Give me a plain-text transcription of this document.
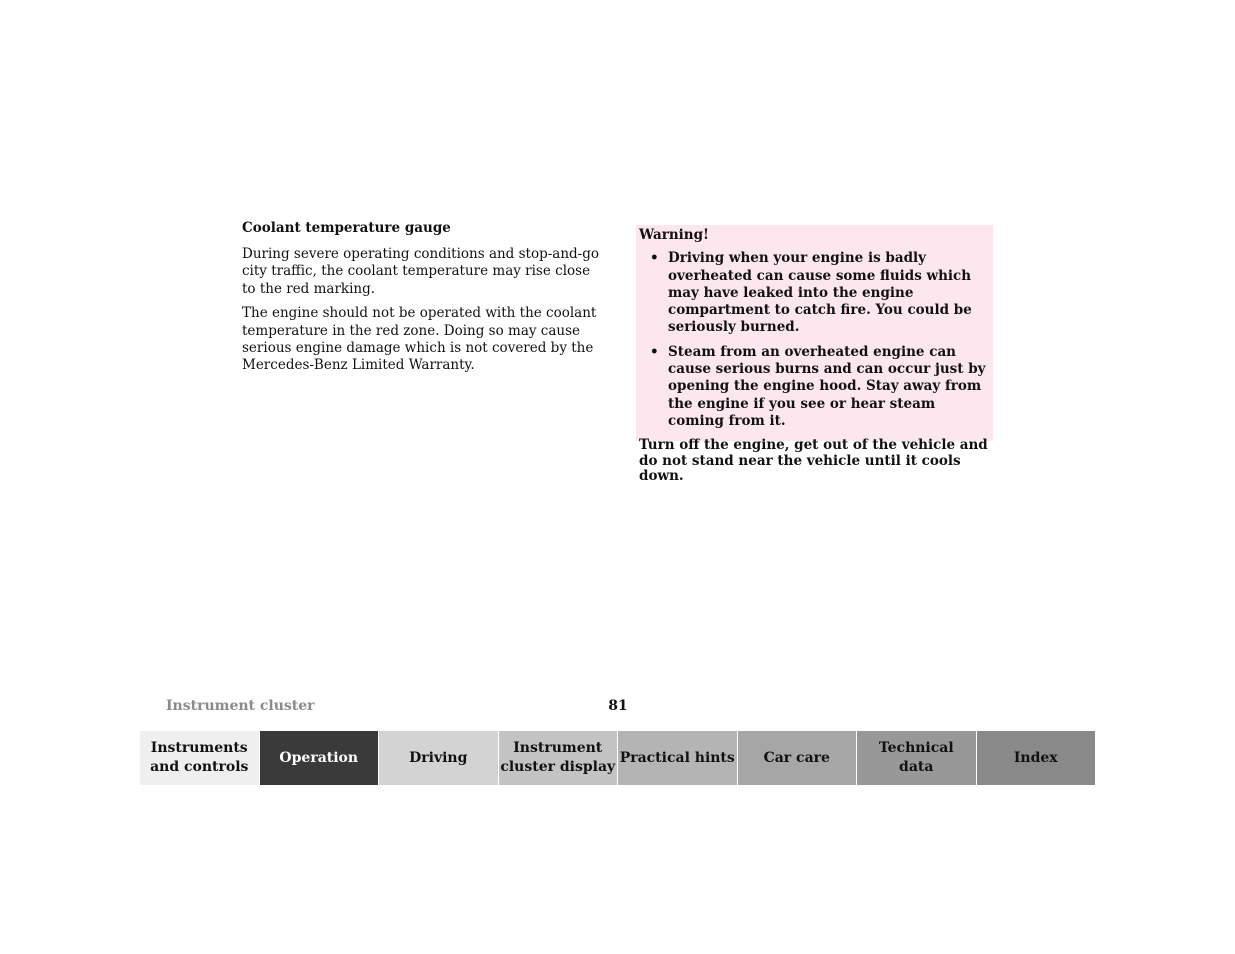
Coolant temperature gauge

During severe operating conditions and stop-and-go city traffic, the coolant temperature may rise close to the red marking.

The engine should not be operated with the coolant temperature in the red zone. Doing so may cause serious engine damage which is not covered by the Mercedes-Benz Limited Warranty.

Warning!
• Driving when your engine is badly overheated can cause some fluids which may have leaked into the engine compartment to catch fire. You could be seriously burned.
• Steam from an overheated engine can cause serious burns and can occur just by opening the engine hood. Stay away from the engine if you see or hear steam coming from it.
Turn off the engine, get out of the vehicle and do not stand near the vehicle until it cools down.
Instrument cluster	81
Instruments
and controls
Operation	Driving
Instrument
cluster display
Practical hints Car care
Technical
data
Index
